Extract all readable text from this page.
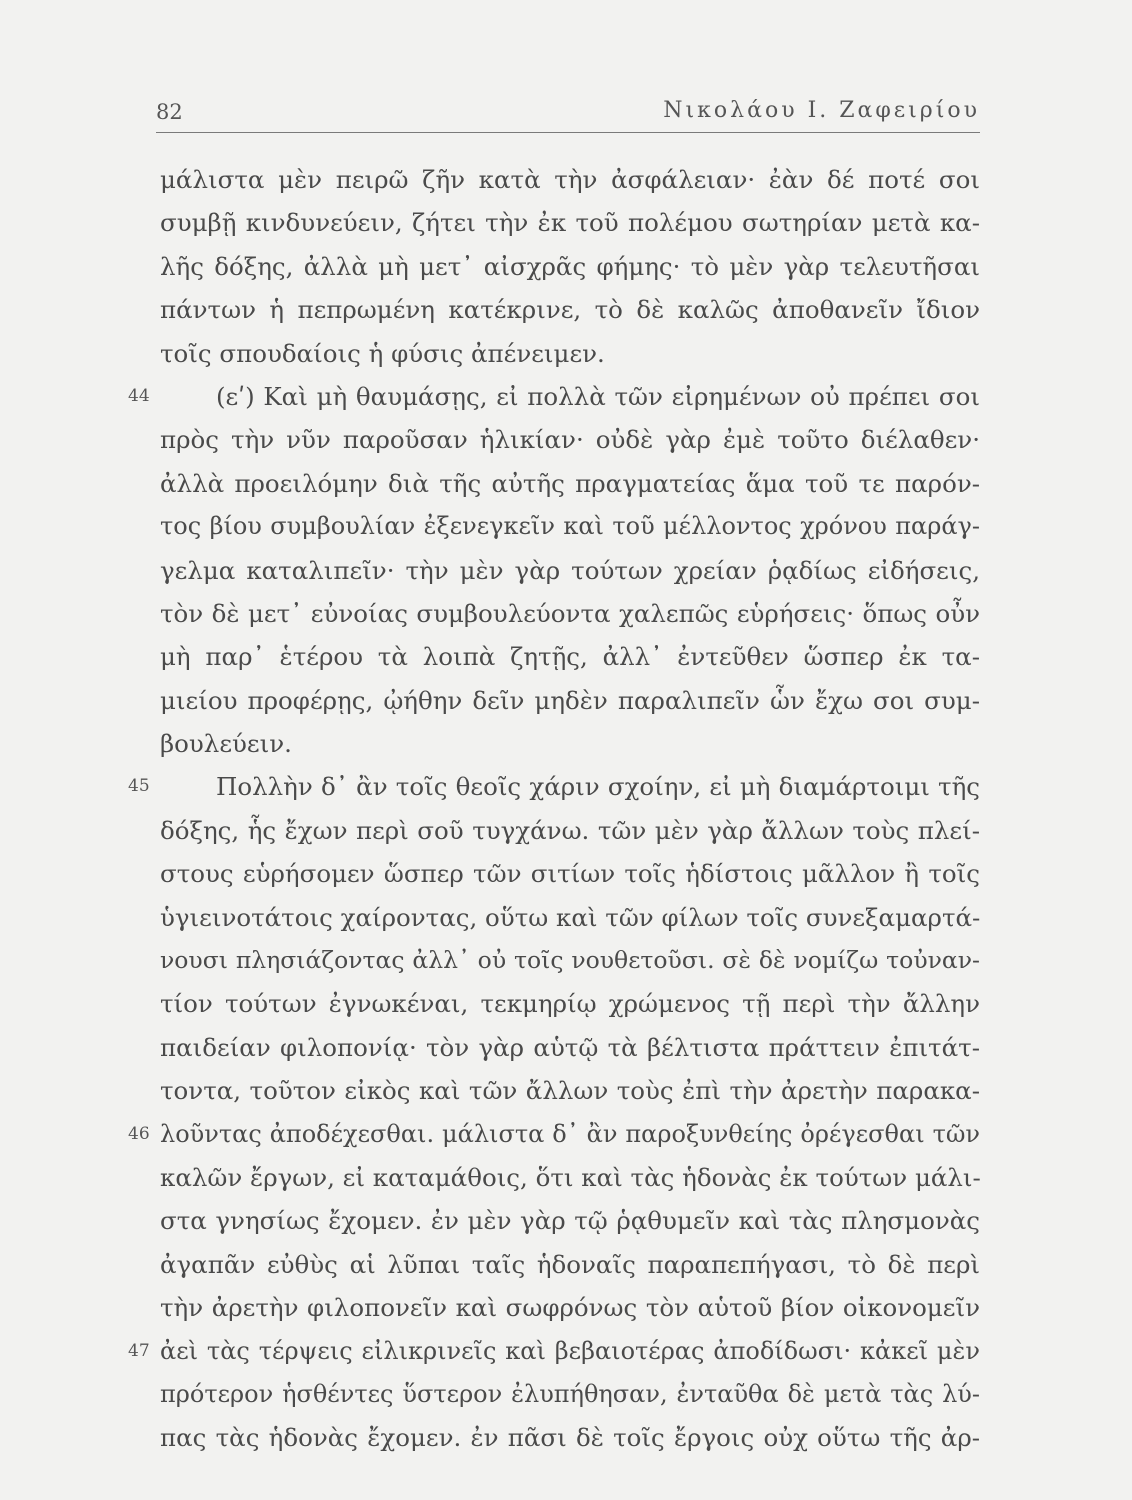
82	Νικολάου Ι. Ζαφειρίου
μάλιστα μὲν πειρῶ ζῆν κατὰ τὴν ἀσφάλειαν· ἐὰν δέ ποτέ σοι
συμβῇ κινδυνεύειν, ζήτει τὴν ἐκ τοῦ πολέμου σωτηρίαν μετὰ κα-
λῆς δόξης, ἀλλὰ μὴ μετ᾽ αἰσχρᾶς φήμης· τὸ μὲν γὰρ τελευτῆσαι
πάντων ἡ πεπρωμένη κατέκρινε, τὸ δὲ καλῶς ἀποθανεῖν ἴδιον
τοῖς σπουδαίοις ἡ φύσις ἀπένειμεν.
44	(εʹ) Καὶ μὴ θαυμάσῃς, εἰ πολλὰ τῶν εἰρημένων οὐ πρέπει σοι
πρὸς τὴν νῦν παροῦσαν ἡλικίαν· οὐδὲ γὰρ ἐμὲ τοῦτο διέλαθεν·
ἀλλὰ προειλόμην διὰ τῆς αὐτῆς πραγματείας ἅμα τοῦ τε παρόν-
τος βίου συμβουλίαν ἐξενεγκεῖν καὶ τοῦ μέλλοντος χρόνου παράγ-
γελμα καταλιπεῖν· τὴν μὲν γὰρ τούτων χρείαν ῥᾳδίως εἰδήσεις,
τὸν δὲ μετ᾽ εὐνοίας συμβουλεύοντα χαλεπῶς εὑρήσεις· ὅπως οὖν
μὴ παρ᾽ ἑτέρου τὰ λοιπὰ ζητῇς, ἀλλ᾽ ἐντεῦθεν ὥσπερ ἐκ τα-
μιείου προφέρῃς, ᾠήθην δεῖν μηδὲν παραλιπεῖν ὧν ἔχω σοι συμ-
βουλεύειν.
45	Πολλὴν δ᾽ ἂν τοῖς θεοῖς χάριν σχοίην, εἰ μὴ διαμάρτοιμι τῆς
δόξης, ἧς ἔχων περὶ σοῦ τυγχάνω. τῶν μὲν γὰρ ἄλλων τοὺς πλεί-
στους εὑρήσομεν ὥσπερ τῶν σιτίων τοῖς ἡδίστοις μᾶλλον ἢ τοῖς
ὑγιεινοτάτοις χαίροντας, οὕτω καὶ τῶν φίλων τοῖς συνεξαμαρτά-
νουσι πλησιάζοντας ἀλλ᾽ οὐ τοῖς νουθετοῦσι. σὲ δὲ νομίζω τοὐναν-
τίον τούτων ἐγνωκέναι, τεκμηρίῳ χρώμενος τῇ περὶ τὴν ἄλλην
παιδείαν φιλοπονίᾳ· τὸν γὰρ αὑτῷ τὰ βέλτιστα πράττειν ἐπιτάτ-
τοντα, τοῦτον εἰκὸς καὶ τῶν ἄλλων τοὺς ἐπὶ τὴν ἀρετὴν παρακα-
46 λοῦντας ἀποδέχεσθαι. μάλιστα δ᾽ ἂν παροξυνθείης ὀρέγεσθαι τῶν
καλῶν ἔργων, εἰ καταμάθοις, ὅτι καὶ τὰς ἡδονὰς ἐκ τούτων μάλι-
στα γνησίως ἔχομεν. ἐν μὲν γὰρ τῷ ῥᾳθυμεῖν καὶ τὰς πλησμονὰς
ἀγαπᾶν εὐθὺς αἱ λῦπαι ταῖς ἡδοναῖς παραπεπήγασι, τὸ δὲ περὶ
τὴν ἀρετὴν φιλοπονεῖν καὶ σωφρόνως τὸν αὑτοῦ βίον οἰκονομεῖν
47 ἀεὶ τὰς τέρψεις εἰλικρινεῖς καὶ βεβαιοτέρας ἀποδίδωσι· κἀκεῖ μὲν
πρότερον ἡσθέντες ὕστερον ἐλυπήθησαν, ἐνταῦθα δὲ μετὰ τὰς λύ-
πας τὰς ἡδονὰς ἔχομεν. ἐν πᾶσι δὲ τοῖς ἔργοις οὐχ οὕτω τῆς ἀρ-
